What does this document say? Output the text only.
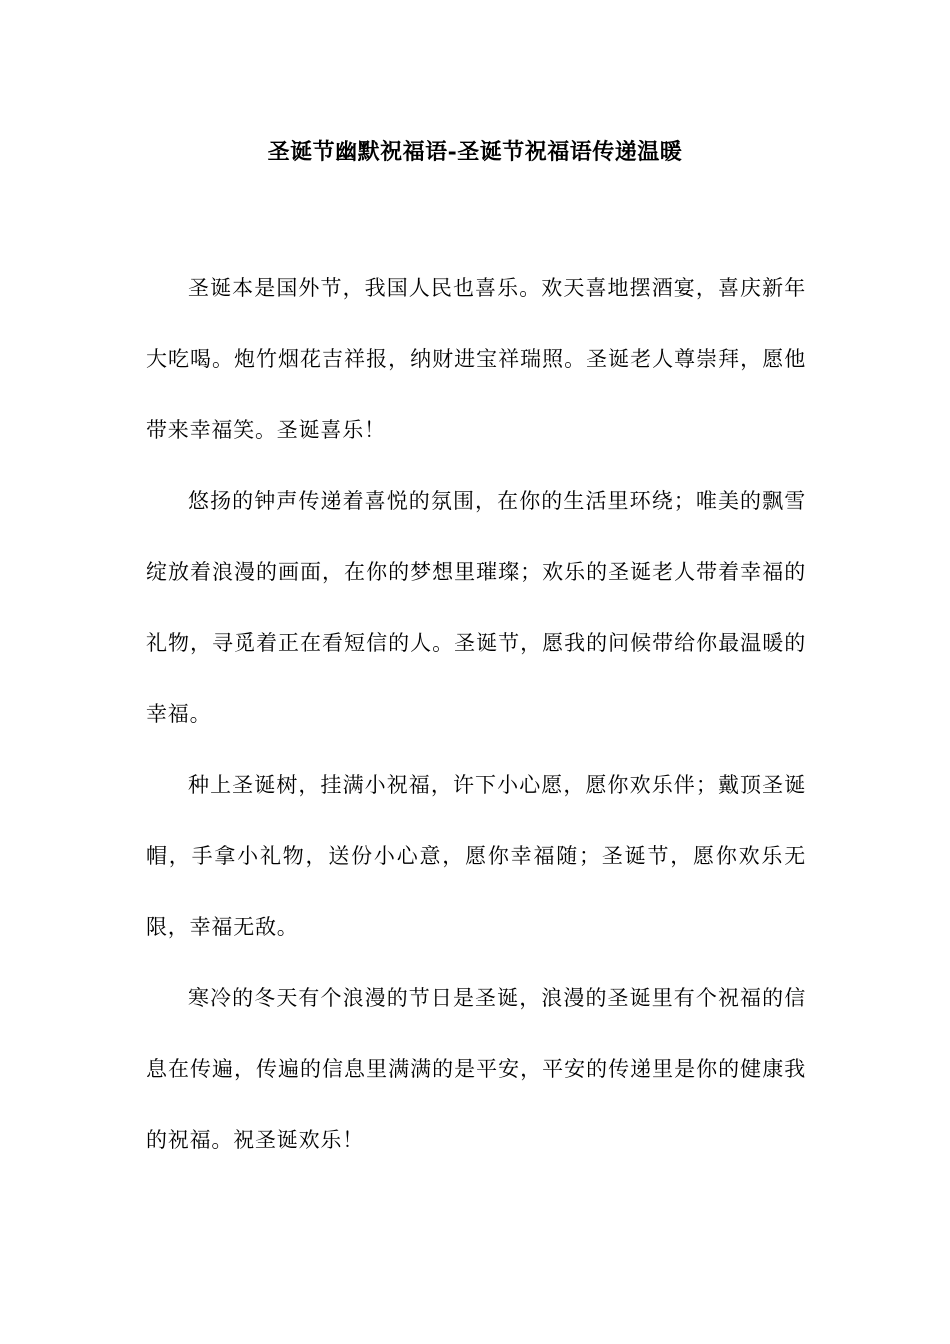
圣诞节幽默祝福语-圣诞节祝福语传递温暖

圣诞本是国外节，我国人民也喜乐。欢天喜地摆酒宴，喜庆新年大吃喝。炮竹烟花吉祥报，纳财进宝祥瑞照。圣诞老人尊崇拜，愿他带来幸福笑。圣诞喜乐！

悠扬的钟声传递着喜悦的氛围，在你的生活里环绕；唯美的飘雪绽放着浪漫的画面，在你的梦想里璀璨；欢乐的圣诞老人带着幸福的礼物，寻觅着正在看短信的人。圣诞节，愿我的问候带给你最温暖的幸福。

种上圣诞树，挂满小祝福，许下小心愿，愿你欢乐伴；戴顶圣诞帽，手拿小礼物，送份小心意，愿你幸福随；圣诞节，愿你欢乐无限，幸福无敌。

寒冷的冬天有个浪漫的节日是圣诞，浪漫的圣诞里有个祝福的信息在传遍，传遍的信息里满满的是平安，平安的传递里是你的健康我的祝福。祝圣诞欢乐！
